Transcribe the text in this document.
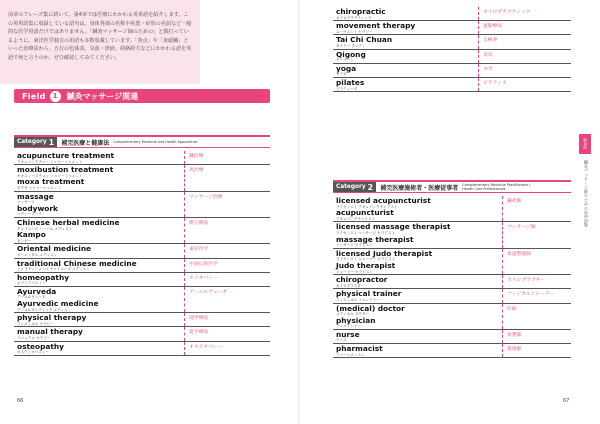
前章のフレーズ集に続いて、第4章では医療にかかわる英単語を紹介します。この英単語集に収録している語句は、身体各部の名称や疾患・症状の名前など一般的な医学用語だけではありません。「鍼灸マッサージ師のための」と銘打っているように、東洋医学独自の用語も多数収載しています。「灸点」や「灸頭鍼」といった治療法から、五行の色体表、気血・津液、経絡経穴などにかかわる語を英語で何と言うのか、ぜひ確認してみてください。

Field	1	鍼灸マッサージ関連
Category 1 補完医療と健康法 Complementary Medicine and Health Approaches
acupuncture treatment
アキュパンクチャー トゥリートゥメント
鍼治療
moxibustion treatment
モキスィバスチョン トゥリートゥメント
moxa treatment
モクサ トゥリートゥメント
灸治療
massage
マッサージ
bodywork
バディーワーク
マッサージ治療
Chinese herbal medicine
チャイニーズ ハーバル メディスン
Kampo
カンポー
漢方療法
Oriental medicine
オリエンタル メディスン
東洋医学
traditional Chinese medicine
トゥラディショナル チャイニーズ メディスン
中国伝統医学
homeopathy
ホウミアパスィー
ホメオパシー
Ayurveda
アーユルヴェーダ
Ayurvedic medicine
アーユルヴェディック メディスン
アーユルヴェーダ
physical therapy
フィズィカル セラピー
理学療法
manual therapy
マニュアル セラピー
徒手療法
osteopathy
オスティオパスィー
オステオパシー
66
chiropractic
カイロプラクティック
カイロプラクティック
movement therapy
ムーヴメント セラピー
運動療法
Tai Chi Chuan
タイチー チュアン
太極拳
Qigong
チーゴーン
気功
yoga
ヨウガ
ヨガ
pilates
ピラティーズ
ピラティス
Category 2 補完医療施術者・医療従事者 Complementary Medicine Practitioners / Health Care Professionals
licensed acupuncturist
ライセンスト アキュパンクチャリスト
acupuncturist
アキュパンクチャリスト
鍼灸師
licensed massage therapist
ライセンスト マッサージ セラピスト
massage therapist
マッサージ セラピスト
マッサージ師
licensed Judo therapist
ライセンスト ジュードー セラピスト
Judo therapist
ジュードー セラピスト
柔道整復師
chiropractor
カイロプラクター
カイロプラクター
physical trainer
フィズィカル トゥレイナー
フィジカルトレーナー
(medical) doctor
メディカル ダクター
physician
フィズィシャン
医師
nurse
ナース
看護師
pharmacist
ファーマスィスト
薬剤師
67
第4章
鍼灸マッサージ師のための英単語集
